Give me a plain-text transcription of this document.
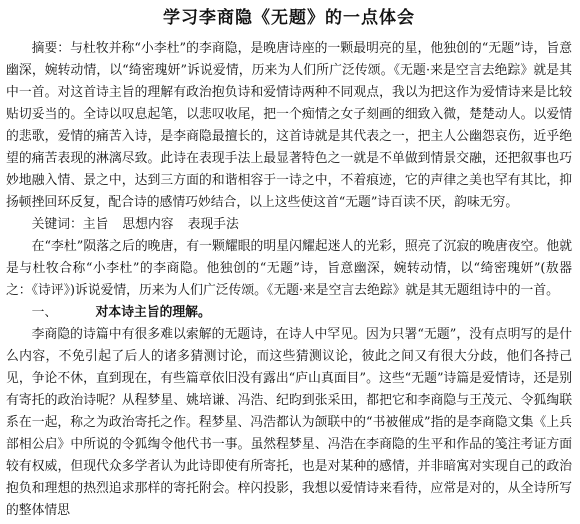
学习李商隐《无题》的一点体会

摘要：与杜牧并称“小李杜”的李商隐，是晚唐诗座的一颗最明亮的星，他独创的“无题”诗，旨意幽深，婉转动情，以“绮密瑰妍”诉说爱情，历来为人们所广泛传颂。《无题·来是空言去绝踪》就是其中一首。对这首诗主旨的理解有政治抱负诗和爱情诗两种不同观点，我以为把这作为爱情诗来是比较贴切妥当的。全诗以叹息起笔，以悲叹收尾，把一个痴情之女子刻画的细致入微，楚楚动人。以爱情的悲歌，爱情的痛苦入诗，是李商隐最擅长的，这首诗就是其代表之一，把主人公幽怨哀伤，近乎绝望的痛苦表现的淋漓尽致。此诗在表现手法上最显著特色之一就是不单做到情景交融，还把叙事也巧妙地融入情、景之中，达到三方面的和谐相容于一诗之中，不着痕迹，它的声律之美也罕有其比，抑扬顿挫回环反复，配合诗的感情巧妙结合，以上这些使这首“无题”诗百读不厌，韵味无穷。

关键词：主旨 思想内容 表现手法

在“李杜”陨落之后的晚唐，有一颗耀眼的明星闪耀起迷人的光彩，照亮了沉寂的晚唐夜空。他就是与杜牧合称“小李杜”的李商隐。他独创的“无题”诗，旨意幽深，婉转动情，以“绮密瑰妍”(敖器之：《诗评》)诉说爱情，历来为人们广泛传颂。《无题·来是空言去绝踪》就是其无题组诗中的一首。

一、	对本诗主旨的理解。

李商隐的诗篇中有很多难以索解的无题诗，在诗人中罕见。因为只署“无题”，没有点明写的是什么内容，不免引起了后人的诸多猜测讨论，而这些猜测议论，彼此之间又有很大分歧，他们各持己见，争论不休，直到现在，有些篇章依旧没有露出“庐山真面目”。这些“无题”诗篇是爱情诗，还是别有寄托的政治诗呢？从程梦星、姚培谦、冯浩、纪昀到张采田，都把它和李商隐与王茂元、令狐绹联系在一起，称之为政治寄托之作。程梦星、冯浩都认为颌联中的“书被催成”指的是李商隐文集《上兵部相公启》中所说的令狐绹令他代书一事。虽然程梦星、冯浩在李商隐的生平和作品的笺注考证方面较有权威，但现代众多学者认为此诗即使有所寄托，也是对某种的感情，并非暗寓对实现自己的政治抱负和理想的热烈追求那样的寄托附会。梓闪投影，我想以爱情诗来看待，应常是对的，从全诗所写的整体情思
